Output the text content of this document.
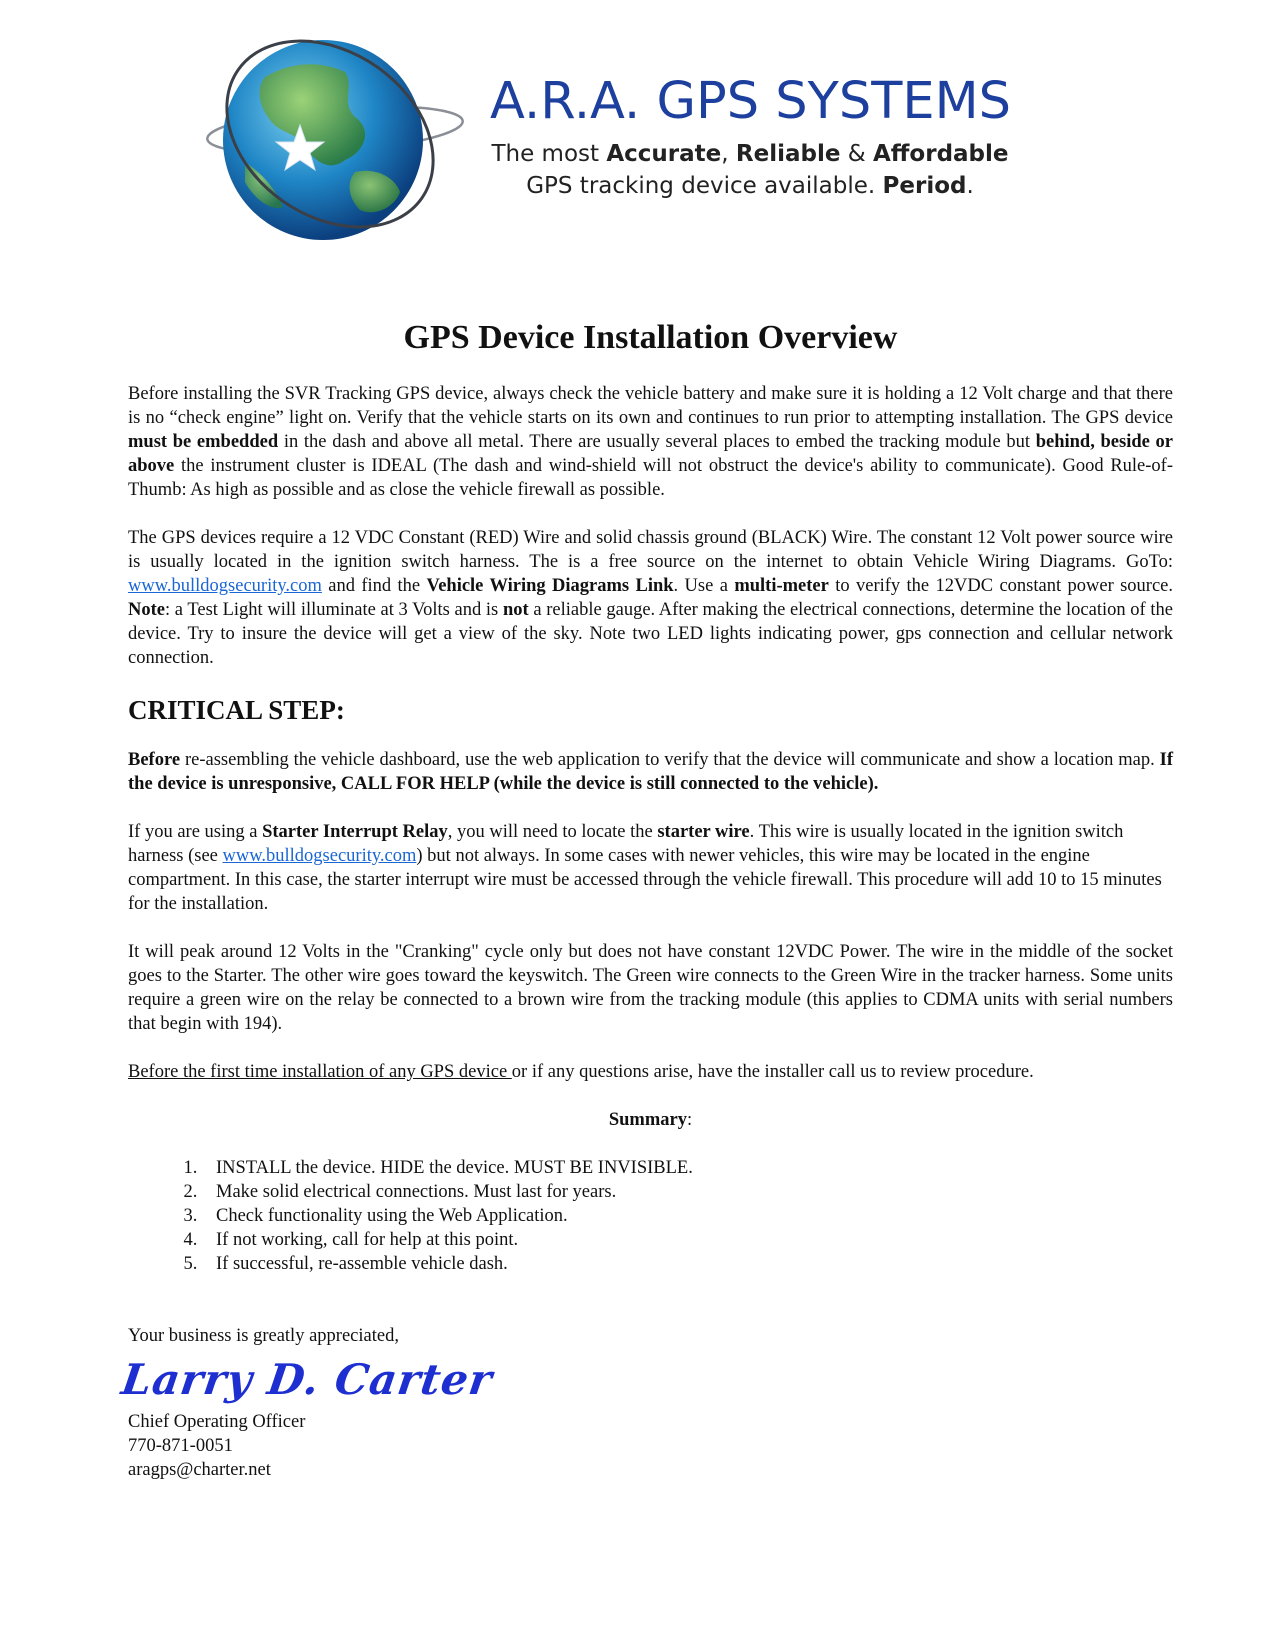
A.R.A. GPS SYSTEMS
The most Accurate, Reliable & Affordable
GPS tracking device available. Period.
GPS Device Installation Overview

Before installing the SVR Tracking GPS device, always check the vehicle battery and make sure it is holding a 12 Volt charge and that there is no “check engine” light on. Verify that the vehicle starts on its own and continues to run prior to attempting installation. The GPS device must be embedded in the dash and above all metal. There are usually several places to embed the tracking module but behind, beside or above the instrument cluster is IDEAL (The dash and wind-shield will not obstruct the device's ability to communicate). Good Rule-of-Thumb: As high as possible and as close the vehicle firewall as possible.

The GPS devices require a 12 VDC Constant (RED) Wire and solid chassis ground (BLACK) Wire. The constant 12 Volt power source wire is usually located in the ignition switch harness. The is a free source on the internet to obtain Vehicle Wiring Diagrams. GoTo: www.bulldogsecurity.com and find the Vehicle Wiring Diagrams Link. Use a multi-meter to verify the 12VDC constant power source. Note: a Test Light will illuminate at 3 Volts and is not a reliable gauge. After making the electrical connections, determine the location of the device. Try to insure the device will get a view of the sky. Note two LED lights indicating power, gps connection and cellular network connection.

CRITICAL STEP:

Before re-assembling the vehicle dashboard, use the web application to verify that the device will communicate and show a location map. If the device is unresponsive, CALL FOR HELP (while the device is still connected to the vehicle).

If you are using a Starter Interrupt Relay, you will need to locate the starter wire. This wire is usually located in the ignition switch harness (see www.bulldogsecurity.com) but not always. In some cases with newer vehicles, this wire may be located in the engine compartment. In this case, the starter interrupt wire must be accessed through the vehicle firewall. This procedure will add 10 to 15 minutes for the installation.

It will peak around 12 Volts in the "Cranking" cycle only but does not have constant 12VDC Power. The wire in the middle of the socket goes to the Starter. The other wire goes toward the keyswitch. The Green wire connects to the Green Wire in the tracker harness. Some units require a green wire on the relay be connected to a brown wire from the tracking module (this applies to CDMA units with serial numbers that begin with 194).

Before the first time installation of any GPS device or if any questions arise, have the installer call us to review procedure.

Summary:

1. INSTALL the device. HIDE the device. MUST BE INVISIBLE.
2. Make solid electrical connections. Must last for years.
3. Check functionality using the Web Application.
4. If not working, call for help at this point.
5. If successful, re-assemble vehicle dash.
Your business is greatly appreciated,
Larry D. Carter
Chief Operating Officer
770-871-0051
aragps@charter.net
